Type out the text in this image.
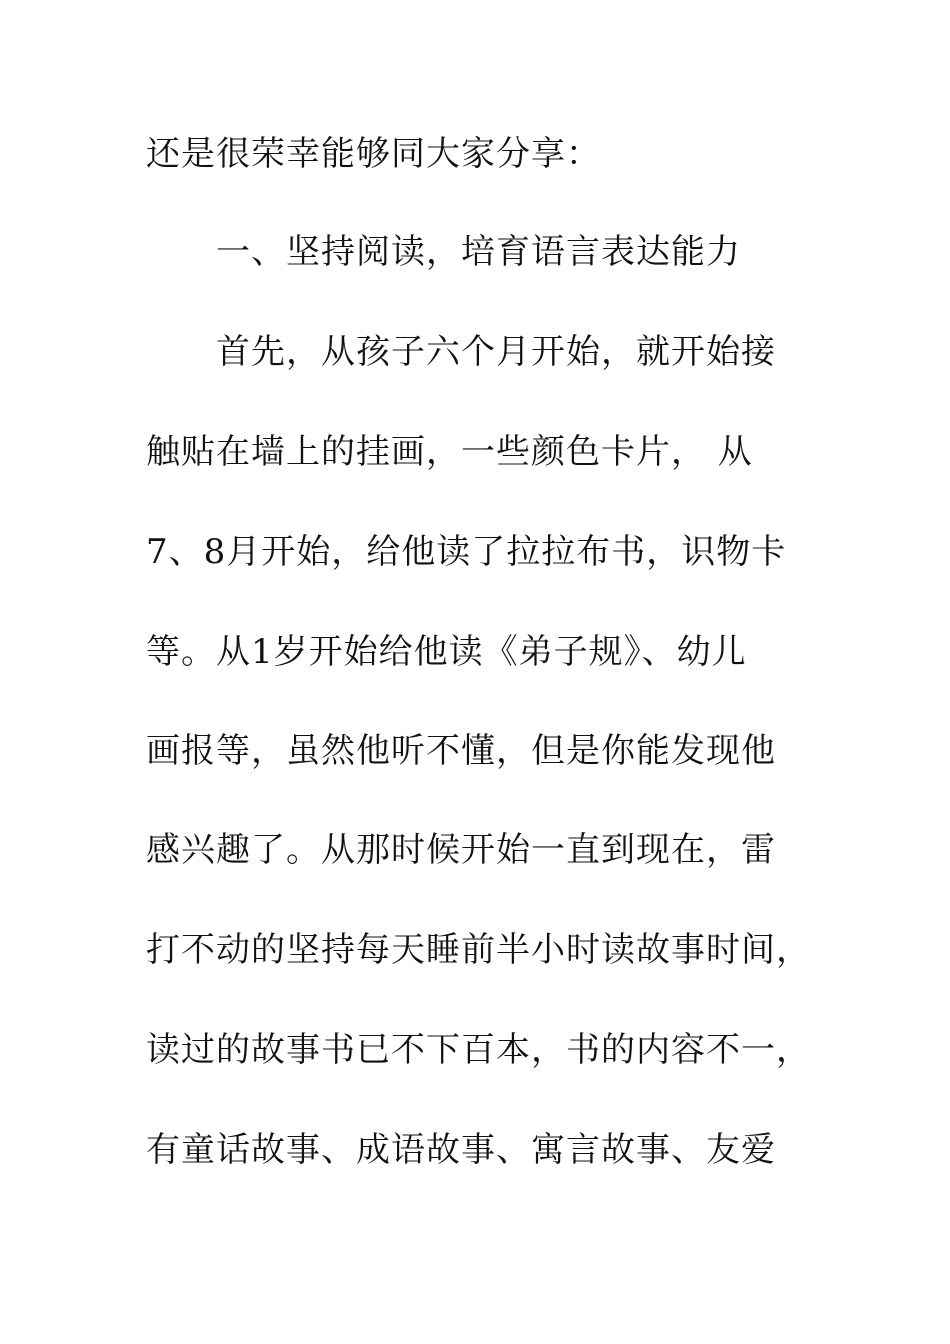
还是很荣幸能够同大家分享：
一、坚持阅读，培育语言表达能力
首先，从孩子六个月开始，就开始接
触贴在墙上的挂画，一些颜色卡片， 从
7、8月开始，给他读了拉拉布书，识物卡
等。从1岁开始给他读《弟子规》、幼儿
画报等，虽然他听不懂，但是你能发现他
感兴趣了。从那时候开始一直到现在，雷
打不动的坚持每天睡前半小时读故事时间，
读过的故事书已不下百本，书的内容不一，
有童话故事、成语故事、寓言故事、友爱
